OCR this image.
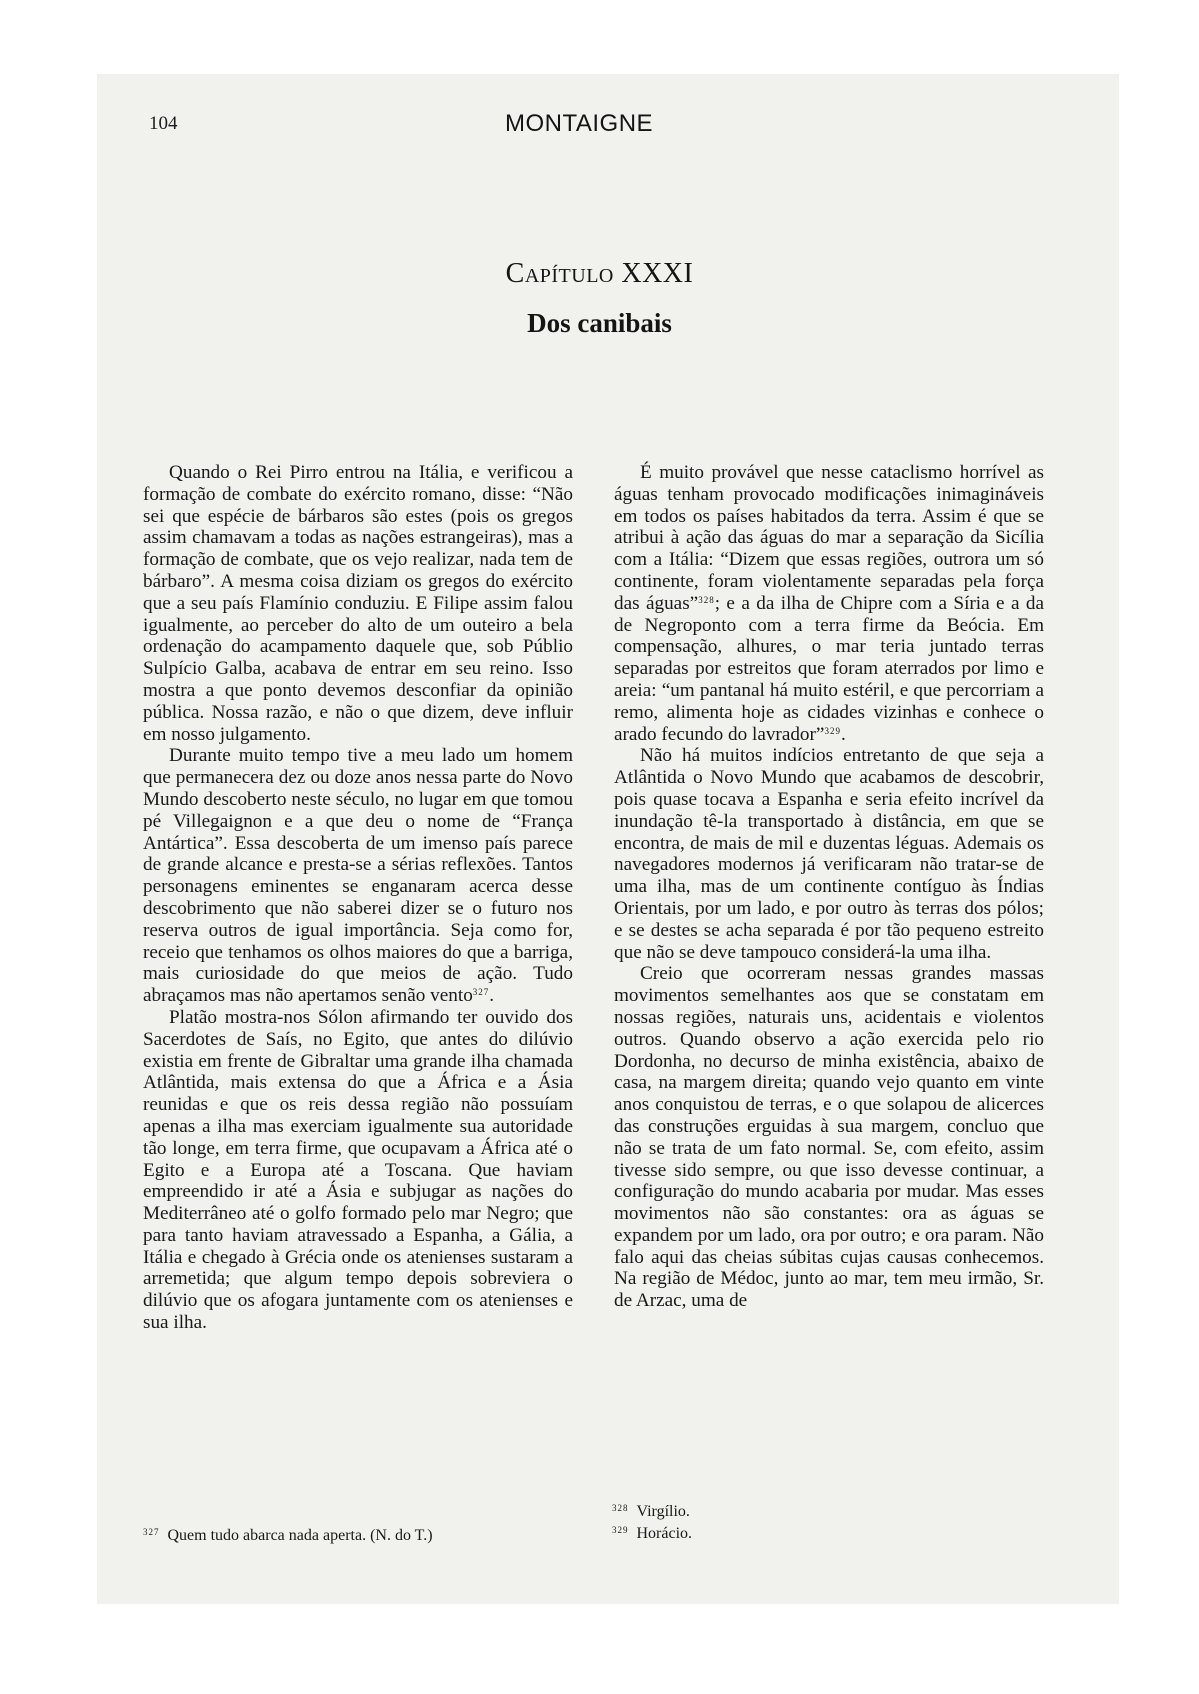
104	MONTAIGNE
CAPÍTULO XXXI
Dos canibais

Quando o Rei Pirro entrou na Itália, e verificou a formação de combate do exército romano, disse: “Não sei que espécie de bárbaros são estes (pois os gregos assim chamavam a todas as nações estrangeiras), mas a formação de combate, que os vejo realizar, nada tem de bárbaro”. A mesma coisa diziam os gregos do exército que a seu país Flamínio conduziu. E Filipe assim falou igualmente, ao perceber do alto de um outeiro a bela ordenação do acampamento daquele que, sob Públio Sulpício Galba, acabava de entrar em seu reino. Isso mostra a que ponto devemos desconfiar da opinião pública. Nossa razão, e não o que dizem, deve influir em nosso julgamento.

Durante muito tempo tive a meu lado um homem que permanecera dez ou doze anos nessa parte do Novo Mundo descoberto neste século, no lugar em que tomou pé Villegaignon e a que deu o nome de “França Antártica”. Essa descoberta de um imenso país parece de grande alcance e presta-se a sérias reflexões. Tantos personagens eminentes se enganaram acerca desse descobrimento que não saberei dizer se o futuro nos reserva outros de igual importância. Seja como for, receio que tenhamos os olhos maiores do que a barriga, mais curiosidade do que meios de ação. Tudo abraçamos mas não apertamos senão vento$^{327}$.

Platão mostra-nos Sólon afirmando ter ouvido dos Sacerdotes de Saís, no Egito, que antes do dilúvio existia em frente de Gibraltar uma grande ilha chamada Atlântida, mais extensa do que a África e a Ásia reunidas e que os reis dessa região não possuíam apenas a ilha mas exerciam igualmente sua autoridade tão longe, em terra firme, que ocupavam a África até o Egito e a Europa até a Toscana. Que haviam empreendido ir até a Ásia e subjugar as nações do Mediterrâneo até o golfo formado pelo mar Negro; que para tanto haviam atravessado a Espanha, a Gália, a Itália e chegado à Grécia onde os atenienses sustaram a arremetida; que algum tempo depois sobreviera o dilúvio que os afogara juntamente com os atenienses e sua ilha.

É muito provável que nesse cataclismo horrível as águas tenham provocado modificações inimagináveis em todos os países habitados da terra. Assim é que se atribui à ação das águas do mar a separação da Sicília com a Itália: “Dizem que essas regiões, outrora um só continente, foram violentamente separadas pela força das águas”$^{328}$; e a da ilha de Chipre com a Síria e a da de Negroponto com a terra firme da Beócia. Em compensação, alhures, o mar teria juntado terras separadas por estreitos que foram aterrados por limo e areia: “um pantanal há muito estéril, e que percorriam a remo, alimenta hoje as cidades vizinhas e conhece o arado fecundo do lavrador”$^{329}$.

Não há muitos indícios entretanto de que seja a Atlântida o Novo Mundo que acabamos de descobrir, pois quase tocava a Espanha e seria efeito incrível da inundação tê-la transportado à distância, em que se encontra, de mais de mil e duzentas léguas. Ademais os navegadores modernos já verificaram não tratar-se de uma ilha, mas de um continente contíguo às Índias Orientais, por um lado, e por outro às terras dos pólos; e se destes se acha separada é por tão pequeno estreito que não se deve tampouco considerá-la uma ilha.

Creio que ocorreram nessas grandes massas movimentos semelhantes aos que se constatam em nossas regiões, naturais uns, acidentais e violentos outros. Quando observo a ação exercida pelo rio Dordonha, no decurso de minha existência, abaixo de casa, na margem direita; quando vejo quanto em vinte anos conquistou de terras, e o que solapou de alicerces das construções erguidas à sua margem, concluo que não se trata de um fato normal. Se, com efeito, assim tivesse sido sempre, ou que isso devesse continuar, a configuração do mundo acabaria por mudar. Mas esses movimentos não são constantes: ora as águas se expandem por um lado, ora por outro; e ora param. Não falo aqui das cheias súbitas cujas causas conhecemos. Na região de Médoc, junto ao mar, tem meu irmão, Sr. de Arzac, uma de

$^{327}$ Quem tudo abarca nada aperta. (N. do T.)
$^{328}$ Virgílio.
$^{329}$ Horácio.
